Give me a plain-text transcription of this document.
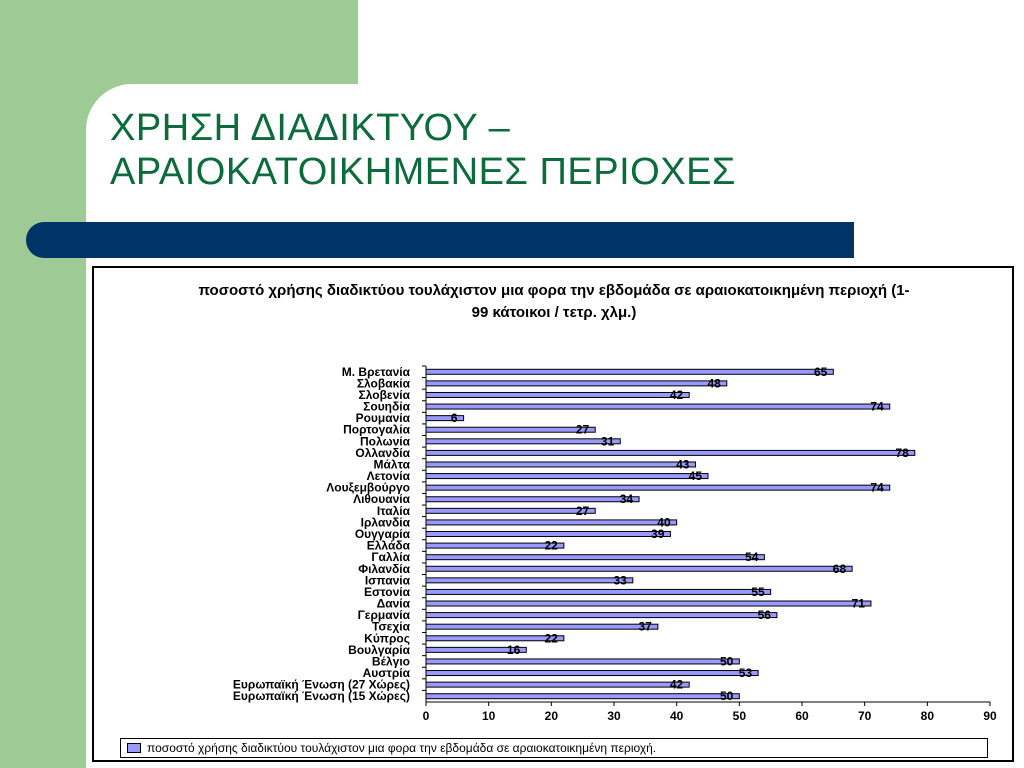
ΧΡΗΣΗ ΔΙΑΔΙΚΤΥΟΥ –
ΑΡΑΙΟΚΑΤΟΙΚΗΜΕΝΕΣ ΠΕΡΙΟΧΕΣ
ποσοστό χρήσης διαδικτύου τουλάχιστον μια φορα την εβδομάδα σε αραιοκατοικημένη περιοχή (1-99 κάτοικοι / τετρ. χλμ.)
0	10	20	30	40	50	60	70	80	90
Μ. Βρετανία	65
Σλοβακία	48
Σλοβενία	42
Σουηδία	74
Ρουμανία	6
Πορτογαλία	27
Πολωνία	31
Ολλανδία	78
Μάλτα	43
Λετονία	45
Λουξεμβούργο	74
Λιθουανία	34
Ιταλία	27
Ιρλανδία	40
Ουγγαρία	39
Ελλάδα	22
Γαλλία	54
Φιλανδία	68
Ισπανία	33
Εστονία	55
Δανία	71
Γερμανία	56
Τσεχία	37
Κύπρος	22
Βουλγαρία	16
Βέλγιο	50
Αυστρία	53
Ευρωπαϊκή Ένωση (27 Χώρες)	42
Ευρωπαϊκή Ένωση (15 Χώρες)	50
ποσοστό χρήσης διαδικτύου τουλάχιστον μια φορα την εβδομάδα σε αραιοκατοικημένη περιοχή.
